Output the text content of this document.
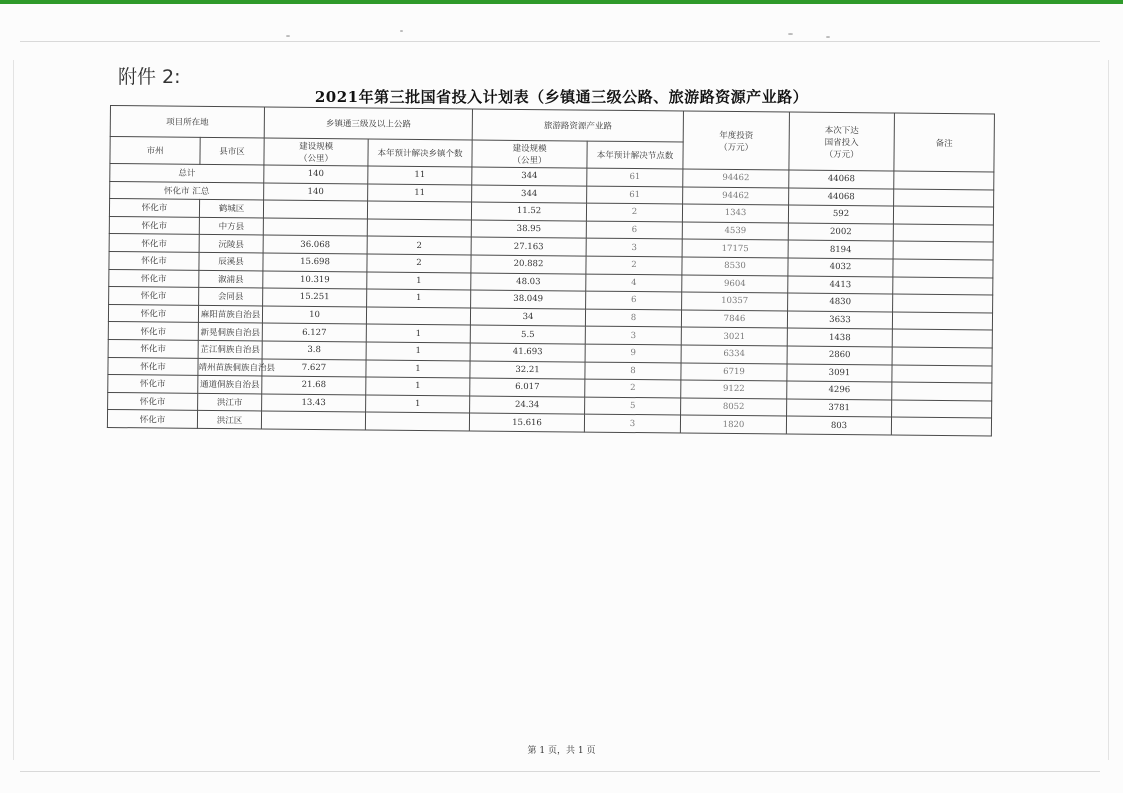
附件 2:
2021年第三批国省投入计划表（乡镇通三级公路、旅游路资源产业路）
项目所在地		乡镇通三级及以上公路		旅游路资源产业路		年度投资
（万元）	本次下达
国省投入
（万元）	备注
市州	县市区	建设规模
（公里）	本年预计解决乡镇个数	建设规模
（公里）	本年预计解决节点数			
总计		140	11	344	61	94462	44068	
怀化市 汇总		140	11	344	61	94462	44068	
怀化市	鹤城区			11.52	2	1343	592	
怀化市	中方县			38.95	6	4539	2002	
怀化市	沅陵县	36.068	2	27.163	3	17175	8194	
怀化市	辰溪县	15.698	2	20.882	2	8530	4032	
怀化市	溆浦县	10.319	1	48.03	4	9604	4413	
怀化市	会同县	15.251	1	38.049	6	10357	4830	
怀化市	麻阳苗族自治县	10		34	8	7846	3633	
怀化市	新晃侗族自治县	6.127	1	5.5	3	3021	1438	
怀化市	芷江侗族自治县	3.8	1	41.693	9	6334	2860	
怀化市	靖州苗族侗族自治县	7.627	1	32.21	8	6719	3091	
怀化市	通道侗族自治县	21.68	1	6.017	2	9122	4296	
怀化市	洪江市	13.43	1	24.34	5	8052	3781	
怀化市	洪江区			15.616	3	1820	803	
第 1 页，共 1 页
